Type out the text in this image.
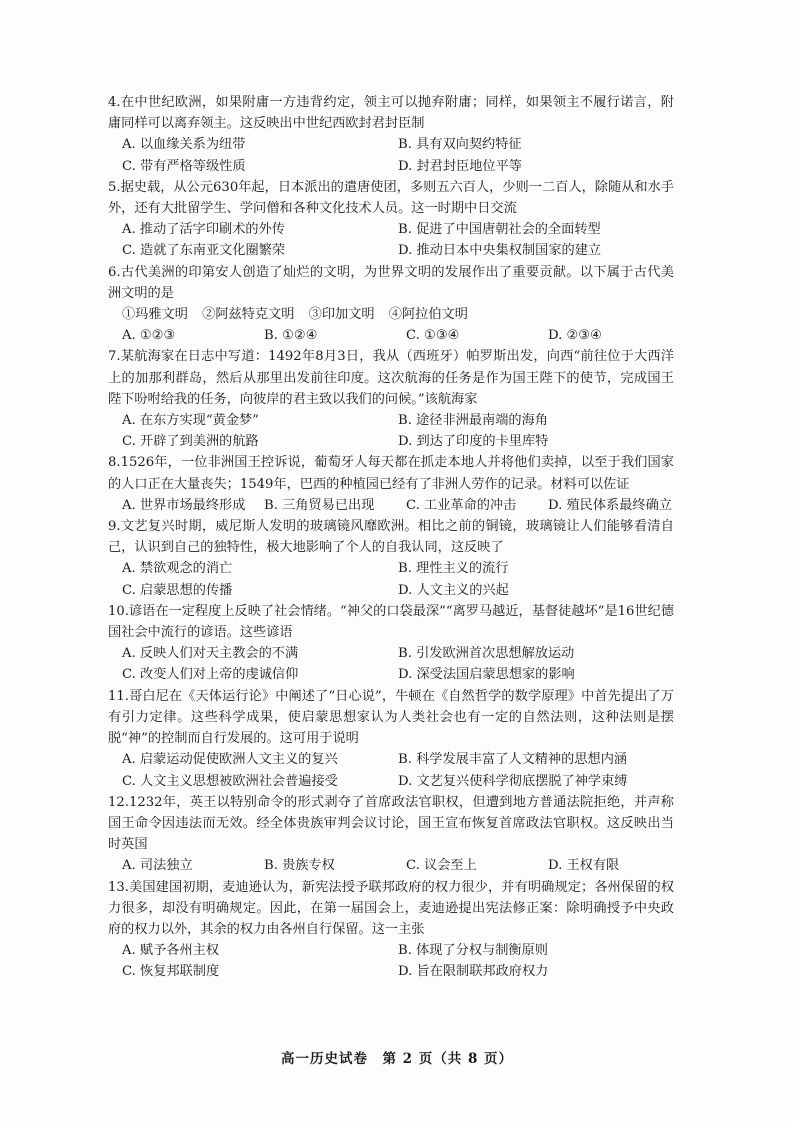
4.在中世纪欧洲，如果附庸一方违背约定，领主可以抛弃附庸；同样，如果领主不履行诺言，附庸同样可以离弃领主。这反映出中世纪西欧封君封臣制

A. 以血缘关系为纽带	B. 具有双向契约特征
C. 带有严格等级性质	D. 封君封臣地位平等

5.据史载，从公元630年起，日本派出的遣唐使团，多则五六百人，少则一二百人，除随从和水手外，还有大批留学生、学问僧和各种文化技术人员。这一时期中日交流

A. 推动了活字印刷术的外传	B. 促进了中国唐朝社会的全面转型
C. 造就了东南亚文化圈繁荣	D. 推动日本中央集权制国家的建立

6.古代美洲的印第安人创造了灿烂的文明，为世界文明的发展作出了重要贡献。以下属于古代美洲文明的是

①玛雅文明 ②阿兹特克文明 ③印加文明 ④阿拉伯文明
A. ①②③	B. ①②④	C. ①③④	D. ②③④

7.某航海家在日志中写道：1492年8月3日，我从（西班牙）帕罗斯出发，向西“前往位于大西洋上的加那利群岛，然后从那里出发前往印度。这次航海的任务是作为国王陛下的使节，完成国王陛下吩咐给我的任务，向彼岸的君主致以我们的问候。”该航海家

A. 在东方实现“黄金梦”	B. 途径非洲最南端的海角
C. 开辟了到美洲的航路	D. 到达了印度的卡里库特

8.1526年，一位非洲国王控诉说，葡萄牙人每天都在抓走本地人并将他们卖掉，以至于我们国家的人口正在大量丧失；1549年，巴西的种植园已经有了非洲人劳作的记录。材料可以佐证

A. 世界市场最终形成	B. 三角贸易已出现	C. 工业革命的冲击	D. 殖民体系最终确立

9.文艺复兴时期，威尼斯人发明的玻璃镜风靡欧洲。相比之前的铜镜，玻璃镜让人们能够看清自己，认识到自己的独特性，极大地影响了个人的自我认同，这反映了

A. 禁欲观念的消亡	B. 理性主义的流行
C. 启蒙思想的传播	D. 人文主义的兴起

10.谚语在一定程度上反映了社会情绪。“神父的口袋最深”“离罗马越近，基督徒越坏”是16世纪德国社会中流行的谚语。这些谚语

A. 反映人们对天主教会的不满	B. 引发欧洲首次思想解放运动
C. 改变人们对上帝的虔诚信仰	D. 深受法国启蒙思想家的影响

11.哥白尼在《天体运行论》中阐述了“日心说”，牛顿在《自然哲学的数学原理》中首先提出了万有引力定律。这些科学成果，使启蒙思想家认为人类社会也有一定的自然法则，这种法则是摆脱“神”的控制而自行发展的。这可用于说明

A. 启蒙运动促使欧洲人文主义的复兴	B. 科学发展丰富了人文精神的思想内涵
C. 人文主义思想被欧洲社会普遍接受	D. 文艺复兴使科学彻底摆脱了神学束缚

12.1232年，英王以特别命令的形式剥夺了首席政法官职权，但遭到地方普通法院拒绝，并声称国王命令因违法而无效。经全体贵族审判会议讨论，国王宣布恢复首席政法官职权。这反映出当时英国

A. 司法独立	B. 贵族专权	C. 议会至上	D. 王权有限

13.美国建国初期，麦迪逊认为，新宪法授予联邦政府的权力很少，并有明确规定；各州保留的权力很多，却没有明确规定。因此，在第一届国会上，麦迪逊提出宪法修正案：除明确授予中央政府的权力以外，其余的权力由各州自行保留。这一主张

A. 赋予各州主权	B. 体现了分权与制衡原则
C. 恢复邦联制度	D. 旨在限制联邦政府权力
高一历史试卷　第 2 页（共 8 页）
